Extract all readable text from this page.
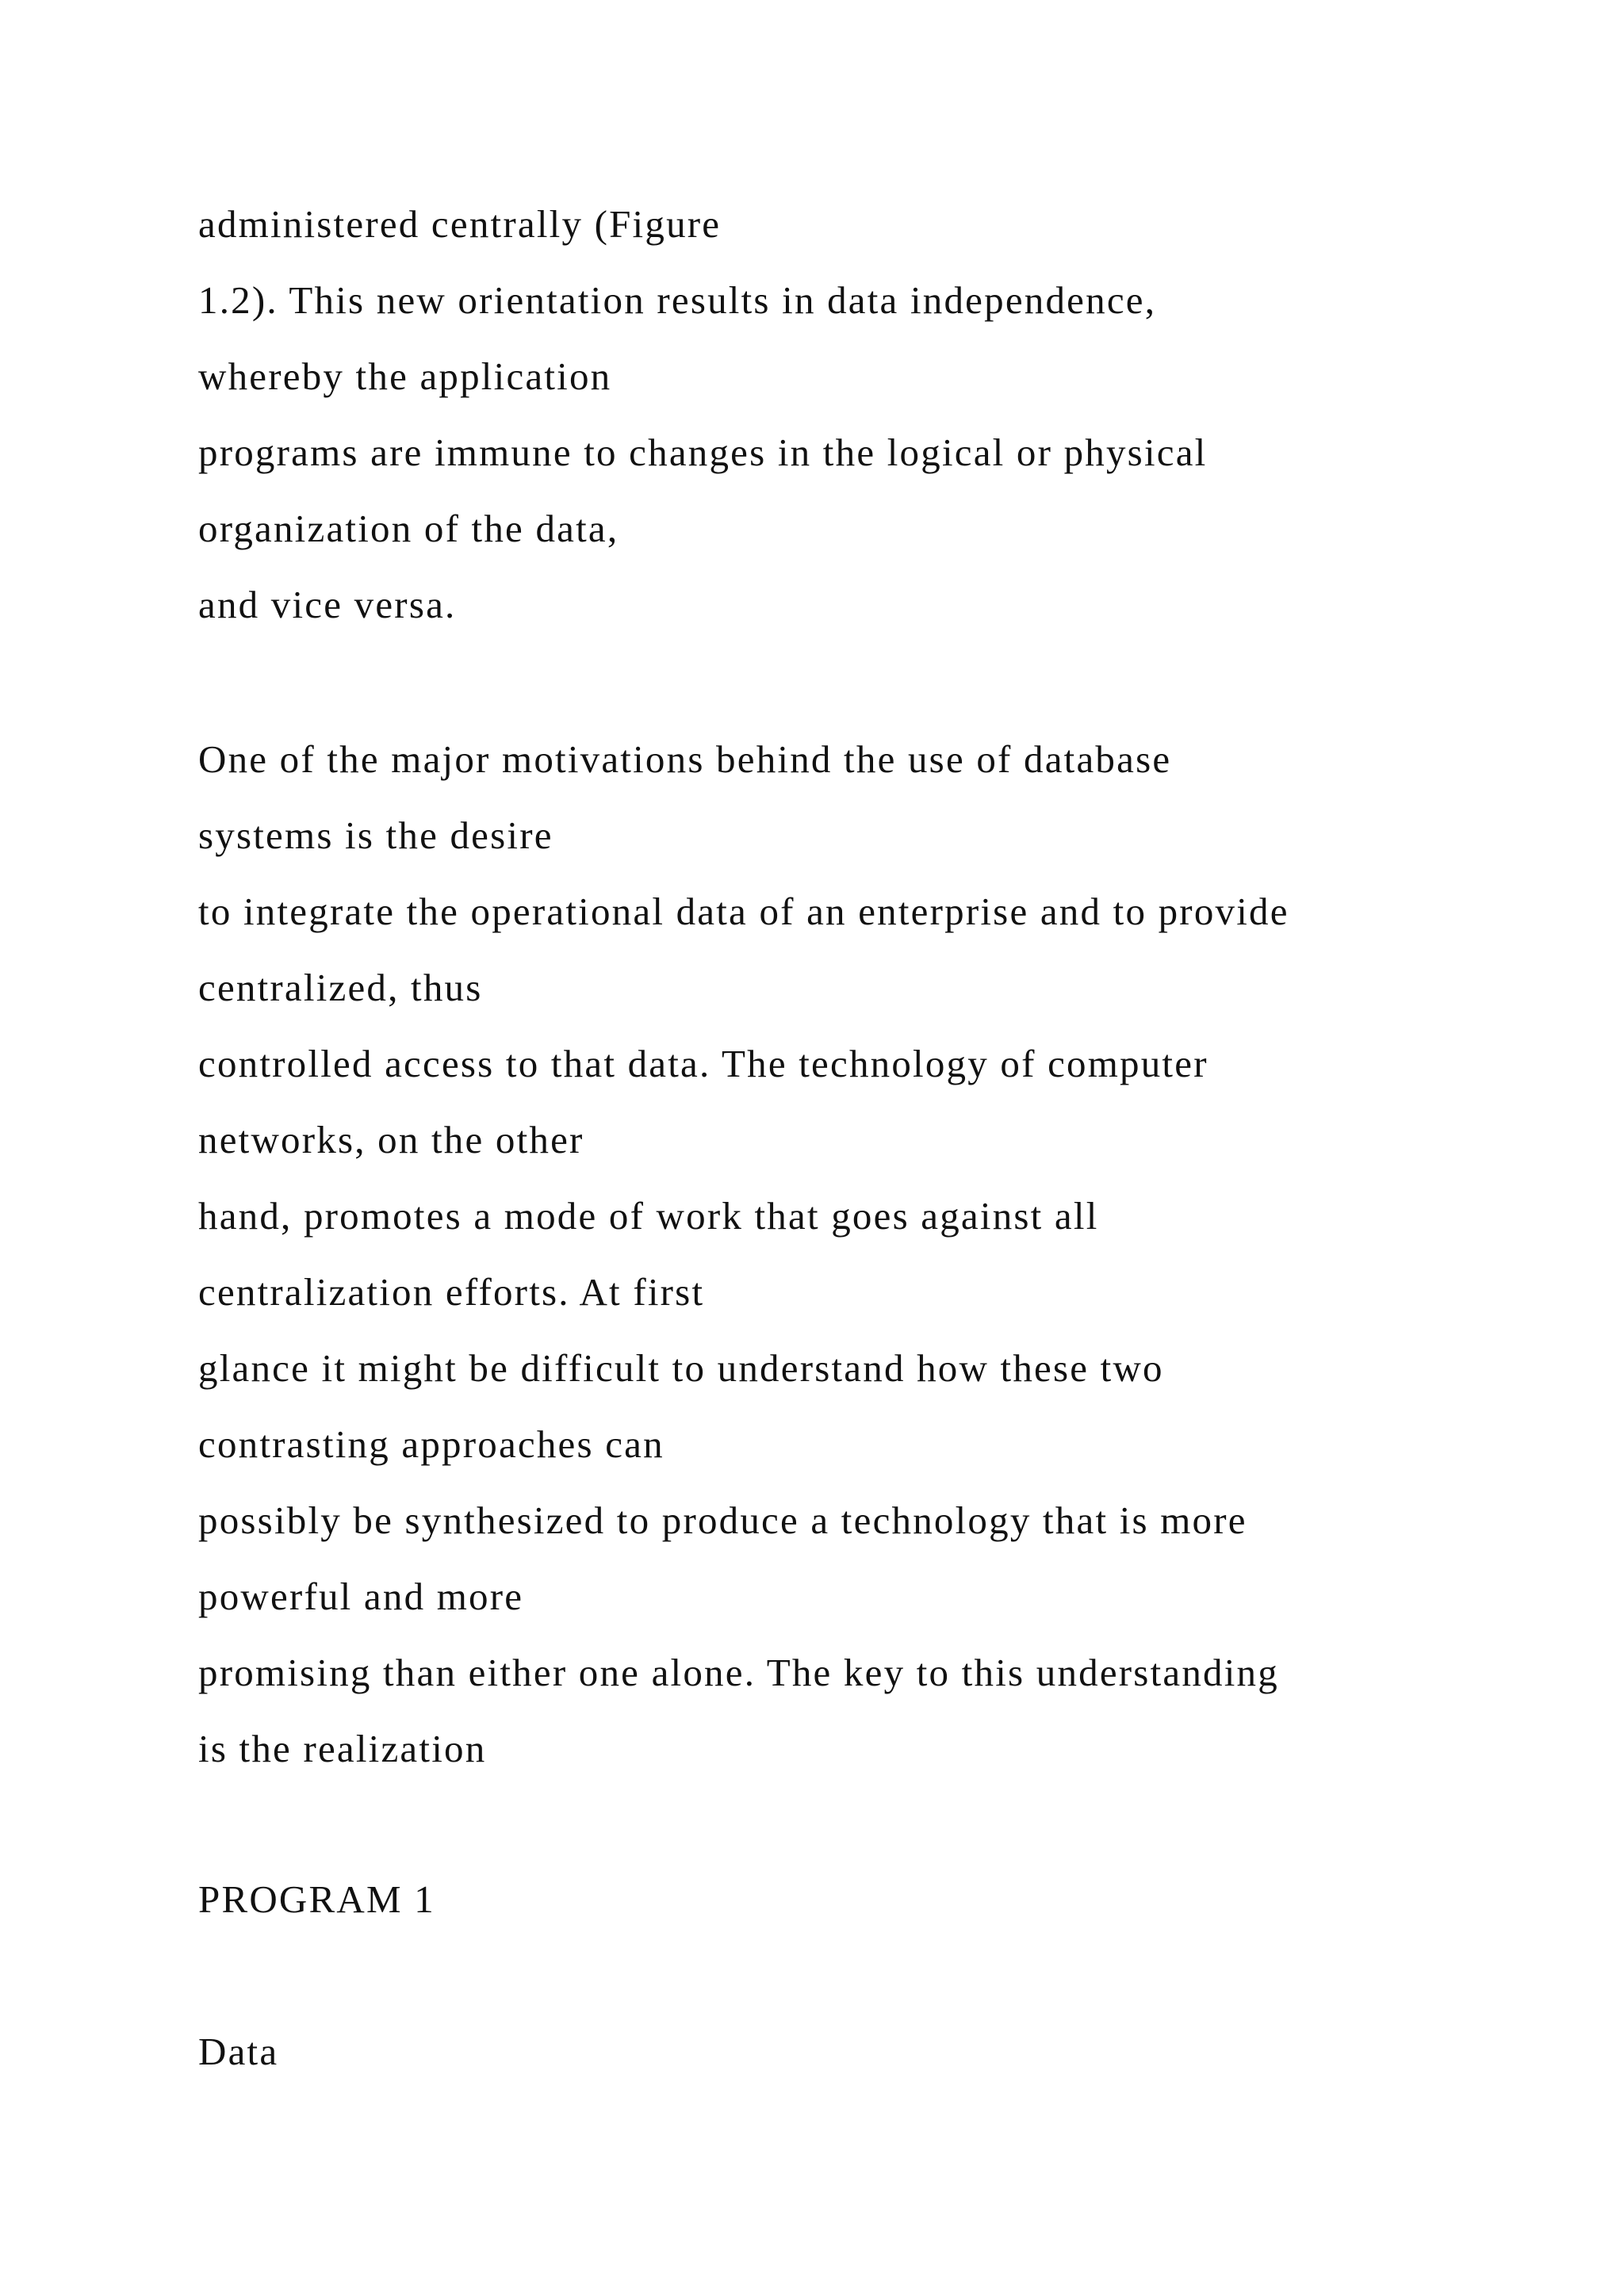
administered centrally (Figure
1.2). This new orientation results in data independence,
whereby the application
programs are immune to changes in the logical or physical
organization of the data,
and vice versa.
One of the major motivations behind the use of database
systems is the desire
to integrate the operational data of an enterprise and to provide
centralized, thus
controlled access to that data. The technology of computer
networks, on the other
hand, promotes a mode of work that goes against all
centralization efforts. At first
glance it might be difficult to understand how these two
contrasting approaches can
possibly be synthesized to produce a technology that is more
powerful and more
promising than either one alone. The key to this understanding
is the realization
PROGRAM 1
Data
